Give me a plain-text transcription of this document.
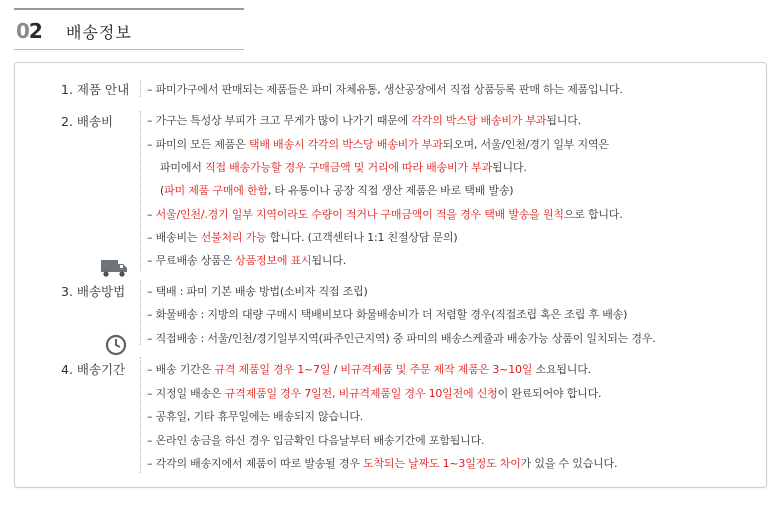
02 배송정보
1. 제품 안내
2. 배송비
3. 배송방법
4. 배송기간
– 파미가구에서 판매되는 제품들은 파미 자체유통, 생산공장에서 직접 상품등록 판매 하는 제품입니다.
– 가구는 특성상 부피가 크고 무게가 많이 나가기 때문에 각각의 박스당 배송비가 부과됩니다.
– 파미의 모든 제품은 택배 배송시 각각의 박스당 배송비가 부과되오며, 서울/인천/경기 일부 지역은
파미에서 직접 배송가능할 경우 구매금액 및 거리에 따라 배송비가 부과됩니다.
(파미 제품 구매에 한함, 타 유통이나 공장 직접 생산 제품은 바로 택배 발송)
– 서울/인천/.경기 일부 지역이라도 수량이 적거나 구매금액이 적을 경우 택배 발송을 원칙으로 합니다.
– 배송비는 선불처리 가능 합니다. (고객센터나 1:1 친절상담 문의)
– 무료배송 상품은 상품정보에 표시됩니다.
– 택배 : 파미 기본 배송 방법(소비자 직접 조립)
– 화물배송 : 지방의 대량 구매시 택배비보다 화물배송비가 더 저렴할 경우(직접조립 혹은 조립 후 배송)
– 직접배송 : 서울/인천/경기일부지역(파주인근지역) 중 파미의 배송스케쥴과 배송가능 상품이 일치되는 경우.
– 배송 기간은 규격 제품일 경우 1~7일 / 비규격제품 및 주문 제작 제품은 3~10일 소요됩니다.
– 지정일 배송은 규격제품일 경우 7일전, 비규격제품일 경우 10일전에 신청이 완료되어야 합니다.
– 공휴일, 기타 휴무일에는 배송되지 않습니다.
– 온라인 송금을 하신 경우 입금확인 다음날부터 배송기간에 포함됩니다.
– 각각의 배송지에서 제품이 따로 발송될 경우 도착되는 날짜도 1~3일정도 차이가 있을 수 있습니다.
